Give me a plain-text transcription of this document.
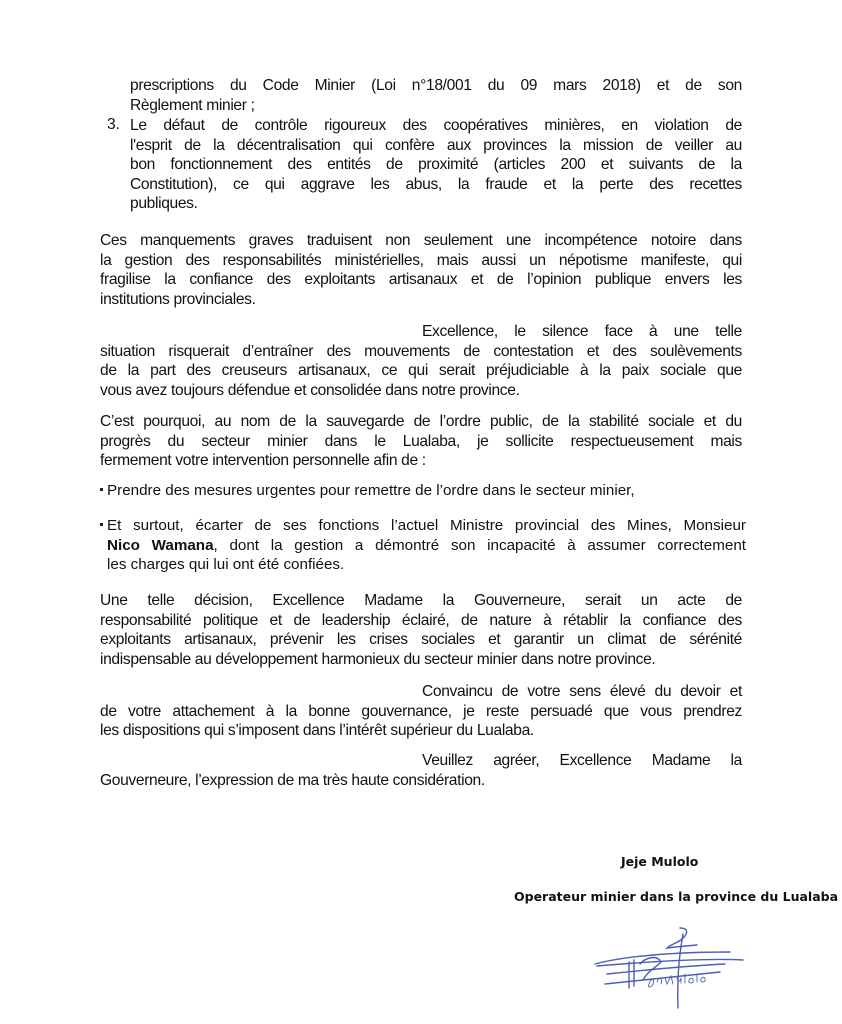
prescriptions du Code Minier (Loi n°18/001 du 09 mars 2018) et de son
Règlement minier ;
3. Le défaut de contrôle rigoureux des coopératives minières, en violation de
l'esprit de la décentralisation qui confère aux provinces la mission de veiller au
bon fonctionnement des entités de proximité (articles 200 et suivants de la
Constitution), ce qui aggrave les abus, la fraude et la perte des recettes
publiques.
Ces manquements graves traduisent non seulement une incompétence notoire dans
la gestion des responsabilités ministérielles, mais aussi un népotisme manifeste, qui
fragilise la confiance des exploitants artisanaux et de l’opinion publique envers les
institutions provinciales.
Excellence, le silence face à une telle
situation risquerait d’entraîner des mouvements de contestation et des soulèvements
de la part des creuseurs artisanaux, ce qui serait préjudiciable à la paix sociale que
vous avez toujours défendue et consolidée dans notre province.
C’est pourquoi, au nom de la sauvegarde de l’ordre public, de la stabilité sociale et du
progrès du secteur minier dans le Lualaba, je sollicite respectueusement mais
fermement votre intervention personnelle afin de :
Prendre des mesures urgentes pour remettre de l’ordre dans le secteur minier,
Et surtout, écarter de ses fonctions l’actuel Ministre provincial des Mines, Monsieur
Nico Wamana, dont la gestion a démontré son incapacité à assumer correctement
les charges qui lui ont été confiées.
Une telle décision, Excellence Madame la Gouverneure, serait un acte de
responsabilité politique et de leadership éclairé, de nature à rétablir la confiance des
exploitants artisanaux, prévenir les crises sociales et garantir un climat de sérénité
indispensable au développement harmonieux du secteur minier dans notre province.
Convaincu de votre sens élevé du devoir et
de votre attachement à la bonne gouvernance, je reste persuadé que vous prendrez
les dispositions qui s’imposent dans l’intérêt supérieur du Lualaba.
Veuillez agréer, Excellence Madame la
Gouverneure, l’expression de ma très haute considération.
Jeje Mulolo
Operateur minier dans la province du Lualaba
